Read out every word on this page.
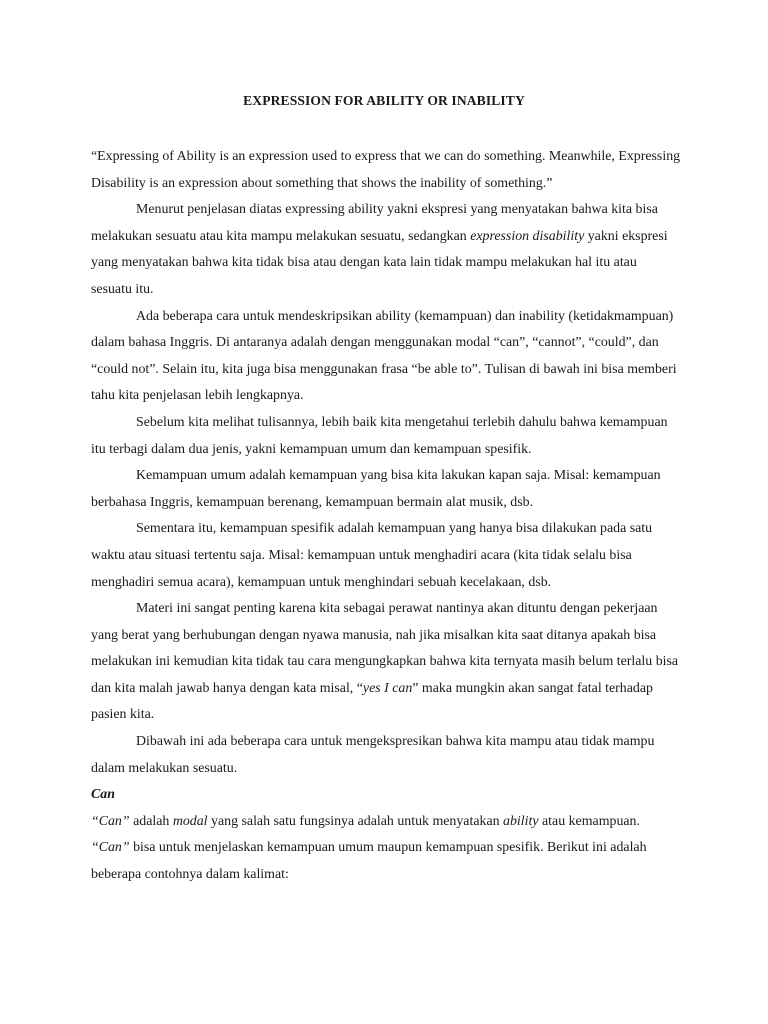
EXPRESSION FOR ABILITY OR INABILITY

“Expressing of Ability is an expression used to express that we can do something. Meanwhile, Expressing Disability is an expression about something that shows the inability of something.”

Menurut penjelasan diatas expressing ability yakni ekspresi yang menyatakan bahwa kita bisa melakukan sesuatu atau kita mampu melakukan sesuatu, sedangkan expression disability yakni ekspresi yang menyatakan bahwa kita tidak bisa atau dengan kata lain tidak mampu melakukan hal itu atau sesuatu itu.

Ada beberapa cara untuk mendeskripsikan ability (kemampuan) dan inability (ketidakmampuan) dalam bahasa Inggris. Di antaranya adalah dengan menggunakan modal “can”, “cannot”, “could”, dan “could not”. Selain itu, kita juga bisa menggunakan frasa “be able to”. Tulisan di bawah ini bisa memberi tahu kita penjelasan lebih lengkapnya.

Sebelum kita melihat tulisannya, lebih baik kita mengetahui terlebih dahulu bahwa kemampuan itu terbagi dalam dua jenis, yakni kemampuan umum dan kemampuan spesifik.

Kemampuan umum adalah kemampuan yang bisa kita lakukan kapan saja. Misal: kemampuan berbahasa Inggris, kemampuan berenang, kemampuan bermain alat musik, dsb.

Sementara itu, kemampuan spesifik adalah kemampuan yang hanya bisa dilakukan pada satu waktu atau situasi tertentu saja. Misal: kemampuan untuk menghadiri acara (kita tidak selalu bisa menghadiri semua acara), kemampuan untuk menghindari sebuah kecelakaan, dsb.

Materi ini sangat penting karena kita sebagai perawat nantinya akan dituntu dengan pekerjaan yang berat yang berhubungan dengan nyawa manusia, nah jika misalkan kita saat ditanya apakah bisa melakukan ini kemudian kita tidak tau cara mengungkapkan bahwa kita ternyata masih belum terlalu bisa dan kita malah jawab hanya dengan kata misal, “yes I can” maka mungkin akan sangat fatal terhadap pasien kita.

Dibawah ini ada beberapa cara untuk mengekspresikan bahwa kita mampu atau tidak mampu dalam melakukan sesuatu.

Can

“Can” adalah modal yang salah satu fungsinya adalah untuk menyatakan ability atau kemampuan. “Can” bisa untuk menjelaskan kemampuan umum maupun kemampuan spesifik. Berikut ini adalah beberapa contohnya dalam kalimat:
